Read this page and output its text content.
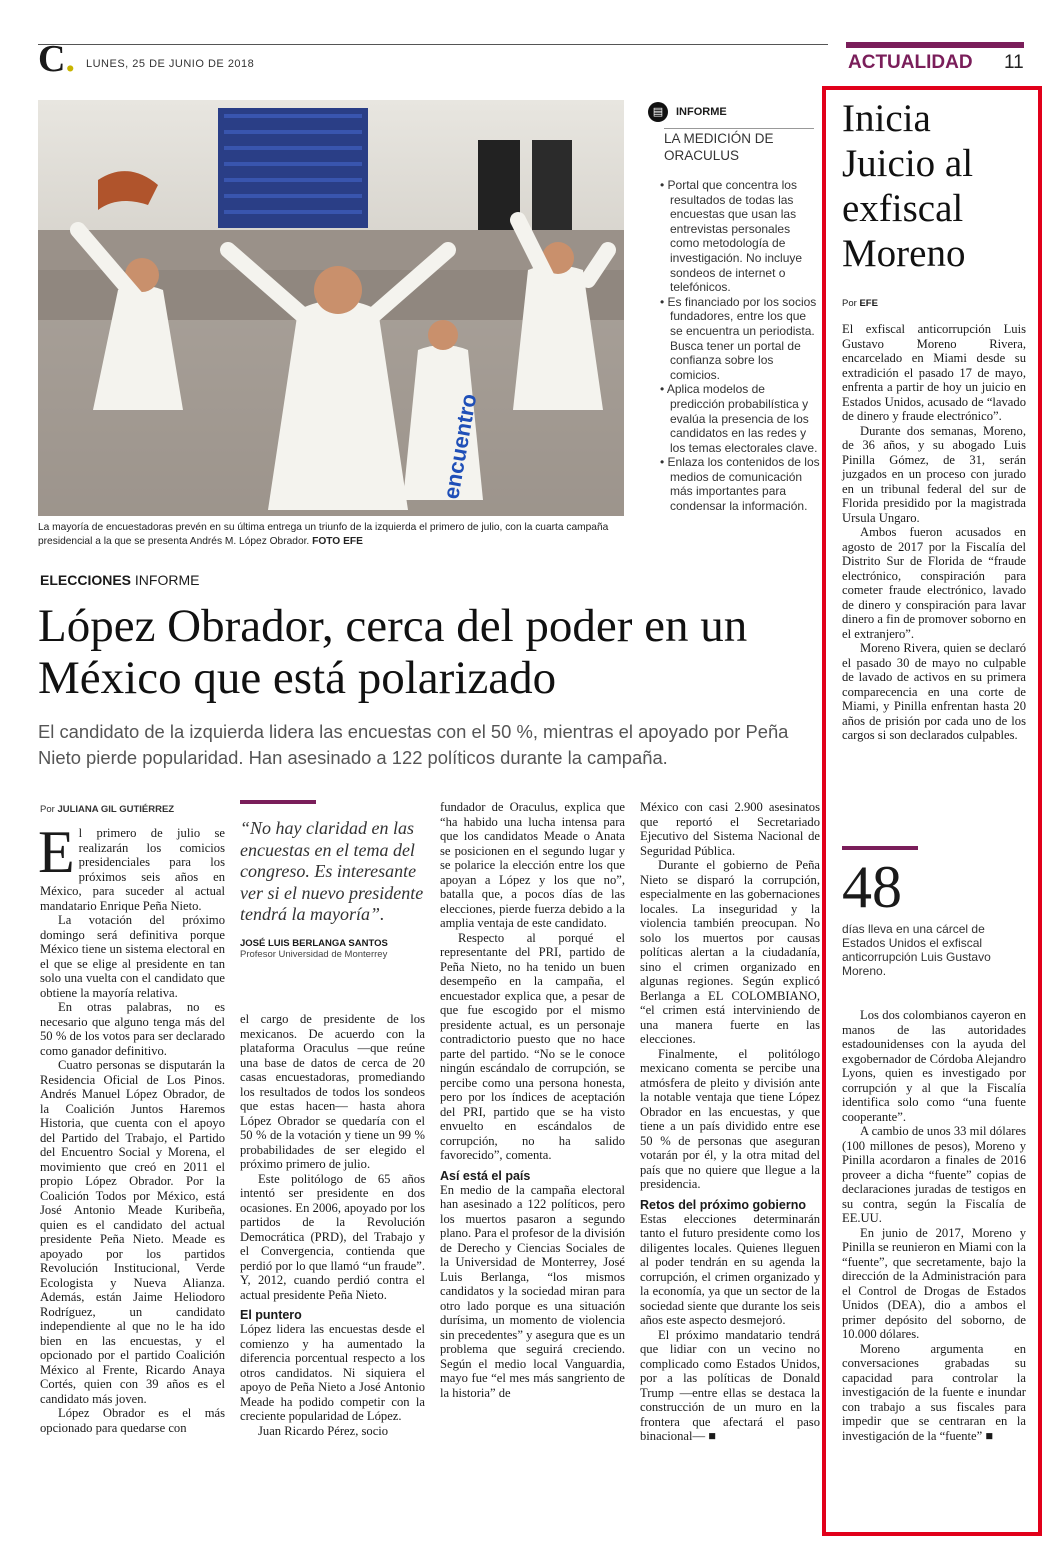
C. LUNES, 25 DE JUNIO DE 2018	ACTUALIDAD 11
encuentro
La mayoría de encuestadoras prevén en su última entrega un triunfo de la izquierda el primero de julio, con la cuarta campaña presidencial a la que se presenta Andrés M. López Obrador. FOTO EFE
▤	INFORME
LA MEDICIÓN DE ORACULUS
• Portal que concentra los resultados de todas las encuestas que usan las entrevistas personales como metodología de investigación. No incluye sondeos de internet o telefónicos.
• Es financiado por los socios fundadores, entre los que se encuentra un periodista. Busca tener un portal de confianza sobre los comicios.
• Aplica modelos de predicción probabilística y evalúa la presencia de los candidatos en las redes y los temas electorales clave.
• Enlaza los contenidos de los medios de comunicación más importantes para condensar la información.
ELECCIONES INFORME
López Obrador, cerca del poder en un México que está polarizado
El candidato de la izquierda lidera las encuestas con el 50 %, mientras el apoyado por Peña Nieto pierde popularidad. Han asesinado a 122 políticos durante la campaña.
Por JULIANA GIL GUTIÉRREZ
E l primero de julio se realizarán los comicios presidenciales para los próximos seis años en México, para suceder al actual mandatario Enrique Peña Nieto.

La votación del próximo domingo será definitiva porque México tiene un sistema electoral en el que se elige al presidente en tan solo una vuelta con el candidato que obtiene la mayoría relativa.

En otras palabras, no es necesario que alguno tenga más del 50 % de los votos para ser declarado como ganador definitivo.

Cuatro personas se disputarán la Residencia Oficial de Los Pinos. Andrés Manuel López Obrador, de la Coalición Juntos Haremos Historia, que cuenta con el apoyo del Partido del Trabajo, el Partido del Encuentro Social y Morena, el movimiento que creó en 2011 el propio López Obrador. Por la Coalición Todos por México, está José Antonio Meade Kuribeña, quien es el candidato del actual presidente Peña Nieto. Meade es apoyado por los partidos Revolución Institucional, Verde Ecologista y Nueva Alianza. Además, están Jaime Heliodoro Rodríguez, un candidato independiente al que no le ha ido bien en las encuestas, y el opcionado por el partido Coalición México al Frente, Ricardo Anaya Cortés, quien con 39 años es el candidato más joven.

López Obrador es el más opcionado para quedarse con

“No hay claridad en las encuestas en el tema del congreso. Es interesante ver si el nuevo presidente tendrá la mayoría”.
JOSÉ LUIS BERLANGA SANTOS
Profesor Universidad de Monterrey

el cargo de presidente de los mexicanos. De acuerdo con la plataforma Oraculus —que reúne una base de datos de cerca de 20 casas encuestadoras, promediando los resultados de todos los sondeos que estas hacen— hasta ahora López Obrador se quedaría con el 50 % de la votación y tiene un 99 % probabilidades de ser elegido el próximo primero de julio.

Este politólogo de 65 años intentó ser presidente en dos ocasiones. En 2006, apoyado por los partidos de la Revolución Democrática (PRD), del Trabajo y el Convergencia, contienda que perdió por lo que llamó “un fraude”. Y, 2012, cuando perdió contra el actual presidente Peña Nieto.

El puntero

López lidera las encuestas desde el comienzo y ha aumentado la diferencia porcentual respecto a los otros candidatos. Ni siquiera el apoyo de Peña Nieto a José Antonio Meade ha podido competir con la creciente popularidad de López.

Juan Ricardo Pérez, socio

fundador de Oraculus, explica que “ha habido una lucha intensa para que los candidatos Meade o Anata se posicionen en el segundo lugar y se polarice la elección entre los que apoyan a López y los que no”, batalla que, a pocos días de las elecciones, pierde fuerza debido a la amplia ventaja de este candidato.

Respecto al porqué el representante del PRI, partido de Peña Nieto, no ha tenido un buen desempeño en la campaña, el encuestador explica que, a pesar de que fue escogido por el mismo presidente actual, es un personaje contradictorio puesto que no hace parte del partido. “No se le conoce ningún escándalo de corrupción, se percibe como una persona honesta, pero por los índices de aceptación del PRI, partido que se ha visto envuelto en escándalos de corrupción, no ha salido favorecido”, comenta.

Así está el país

En medio de la campaña electoral han asesinado a 122 políticos, pero los muertos pasaron a segundo plano. Para el profesor de la división de Derecho y Ciencias Sociales de la Universidad de Monterrey, José Luis Berlanga, “los mismos candidatos y la sociedad miran para otro lado porque es una situación durísima, un momento de violencia sin precedentes” y asegura que es un problema que seguirá creciendo. Según el medio local Vanguardia, mayo fue “el mes más sangriento de la historia” de

México con casi 2.900 asesinatos que reportó el Secretariado Ejecutivo del Sistema Nacional de Seguridad Pública.

Durante el gobierno de Peña Nieto se disparó la corrupción, especialmente en las gobernaciones locales. La inseguridad y la violencia también preocupan. No solo los muertos por causas políticas alertan a la ciudadanía, sino el crimen organizado en algunas regiones. Según explicó Berlanga a EL COLOMBIANO, “el crimen está interviniendo de una manera fuerte en las elecciones.

Finalmente, el politólogo mexicano comenta se percibe una atmósfera de pleito y división ante la notable ventaja que tiene López Obrador en las encuestas, y que tiene a un país dividido entre ese 50 % de personas que aseguran votarán por él, y la otra mitad del país que no quiere que llegue a la presidencia.

Retos del próximo gobierno

Estas elecciones determinarán tanto el futuro presidente como los diligentes locales. Quienes lleguen al poder tendrán en su agenda la corrupción, el crimen organizado y la economía, ya que un sector de la sociedad siente que durante los seis años este aspecto desmejoró.

El próximo mandatario tendrá que lidiar con un vecino no complicado como Estados Unidos, por a las políticas de Donald Trump —entre ellas se destaca la construcción de un muro en la frontera que afectará el paso binacional— ■

Inicia Juicio al exfiscal Moreno
Por EFE

El exfiscal anticorrupción Luis Gustavo Moreno Rivera, encarcelado en Miami desde su extradición el pasado 17 de mayo, enfrenta a partir de hoy un juicio en Estados Unidos, acusado de “lavado de dinero y fraude electrónico”.

Durante dos semanas, Moreno, de 36 años, y su abogado Luis Pinilla Gómez, de 31, serán juzgados en un proceso con jurado en un tribunal federal del sur de Florida presidido por la magistrada Ursula Ungaro.

Ambos fueron acusados en agosto de 2017 por la Fiscalía del Distrito Sur de Florida de “fraude electrónico, conspiración para cometer fraude electrónico, lavado de dinero y conspiración para lavar dinero a fin de promover soborno en el extranjero”.

Moreno Rivera, quien se declaró el pasado 30 de mayo no culpable de lavado de activos en su primera comparecencia en una corte de Miami, y Pinilla enfrentan hasta 20 años de prisión por cada uno de los cargos si son declarados culpables.

48
días lleva en una cárcel de Estados Unidos el exfiscal anticorrupción Luis Gustavo Moreno.

Los dos colombianos cayeron en manos de las autoridades estadounidenses con la ayuda del exgobernador de Córdoba Alejandro Lyons, quien es investigado por corrupción y al que la Fiscalía identifica solo como “una fuente cooperante”.

A cambio de unos 33 mil dólares (100 millones de pesos), Moreno y Pinilla acordaron a finales de 2016 proveer a dicha “fuente” copias de declaraciones juradas de testigos en su contra, según la Fiscalía de EE.UU.

En junio de 2017, Moreno y Pinilla se reunieron en Miami con la “fuente”, que secretamente, bajo la dirección de la Administración para el Control de Drogas de Estados Unidos (DEA), dio a ambos el primer depósito del soborno, de 10.000 dólares.

Moreno argumenta en conversaciones grabadas su capacidad para controlar la investigación de la fuente e inundar con trabajo a sus fiscales para impedir que se centraran en la investigación de la “fuente” ■
